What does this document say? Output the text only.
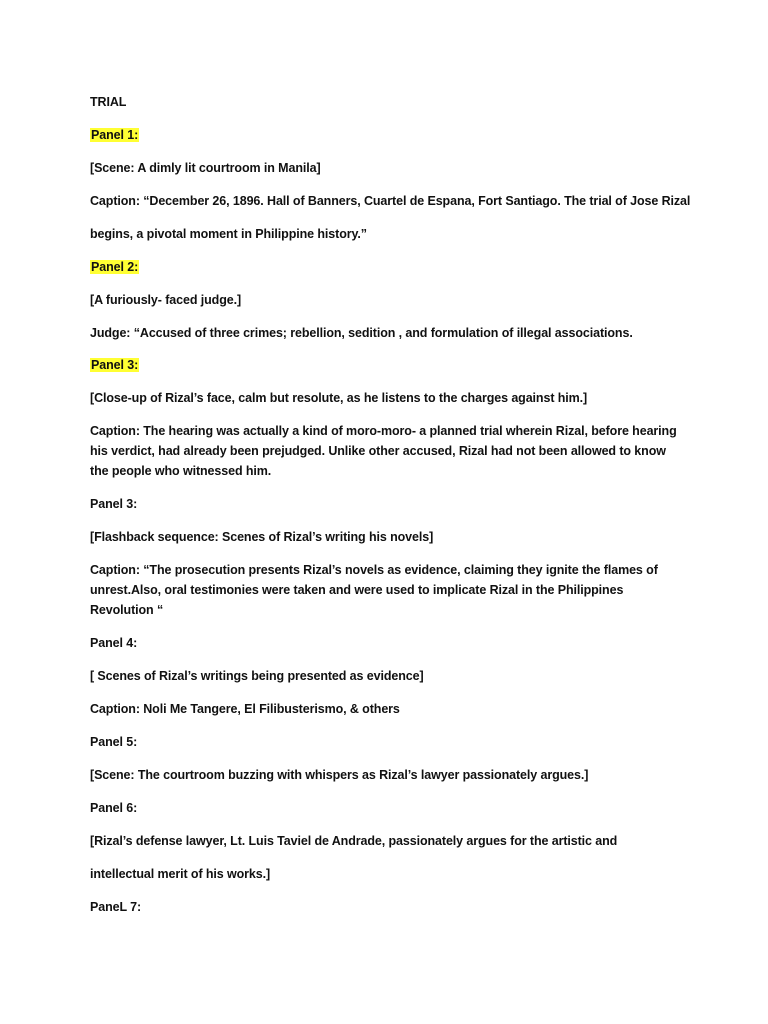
TRIAL
Panel 1:
[Scene: A dimly lit courtroom in Manila]
Caption: “December 26, 1896. Hall of Banners, Cuartel de Espana, Fort Santiago. The trial of Jose Rizal
begins, a pivotal moment in Philippine history.”
Panel 2:
[A furiously- faced judge.]
Judge: “Accused of three crimes; rebellion, sedition , and formulation of illegal associations.
Panel 3:
[Close-up of Rizal’s face, calm but resolute, as he listens to the charges against him.]
Caption: The hearing was actually a kind of moro-moro- a planned trial wherein Rizal, before hearing
his verdict, had already been prejudged. Unlike other accused, Rizal had not been allowed to know
the people who witnessed him.
Panel 3:
[Flashback sequence: Scenes of Rizal’s writing his novels]
Caption: “The prosecution presents Rizal’s novels as evidence, claiming they ignite the flames of
unrest.Also, oral testimonies were taken and were used to implicate Rizal in the Philippines
Revolution “
Panel 4:
[ Scenes of Rizal’s writings being presented as evidence]
Caption: Noli Me Tangere, El Filibusterismo, & others
Panel 5:
[Scene: The courtroom buzzing with whispers as Rizal’s lawyer passionately argues.]
Panel 6:
[Rizal’s defense lawyer, Lt. Luis Taviel de Andrade, passionately argues for the artistic and
intellectual merit of his works.]
PaneL 7:
